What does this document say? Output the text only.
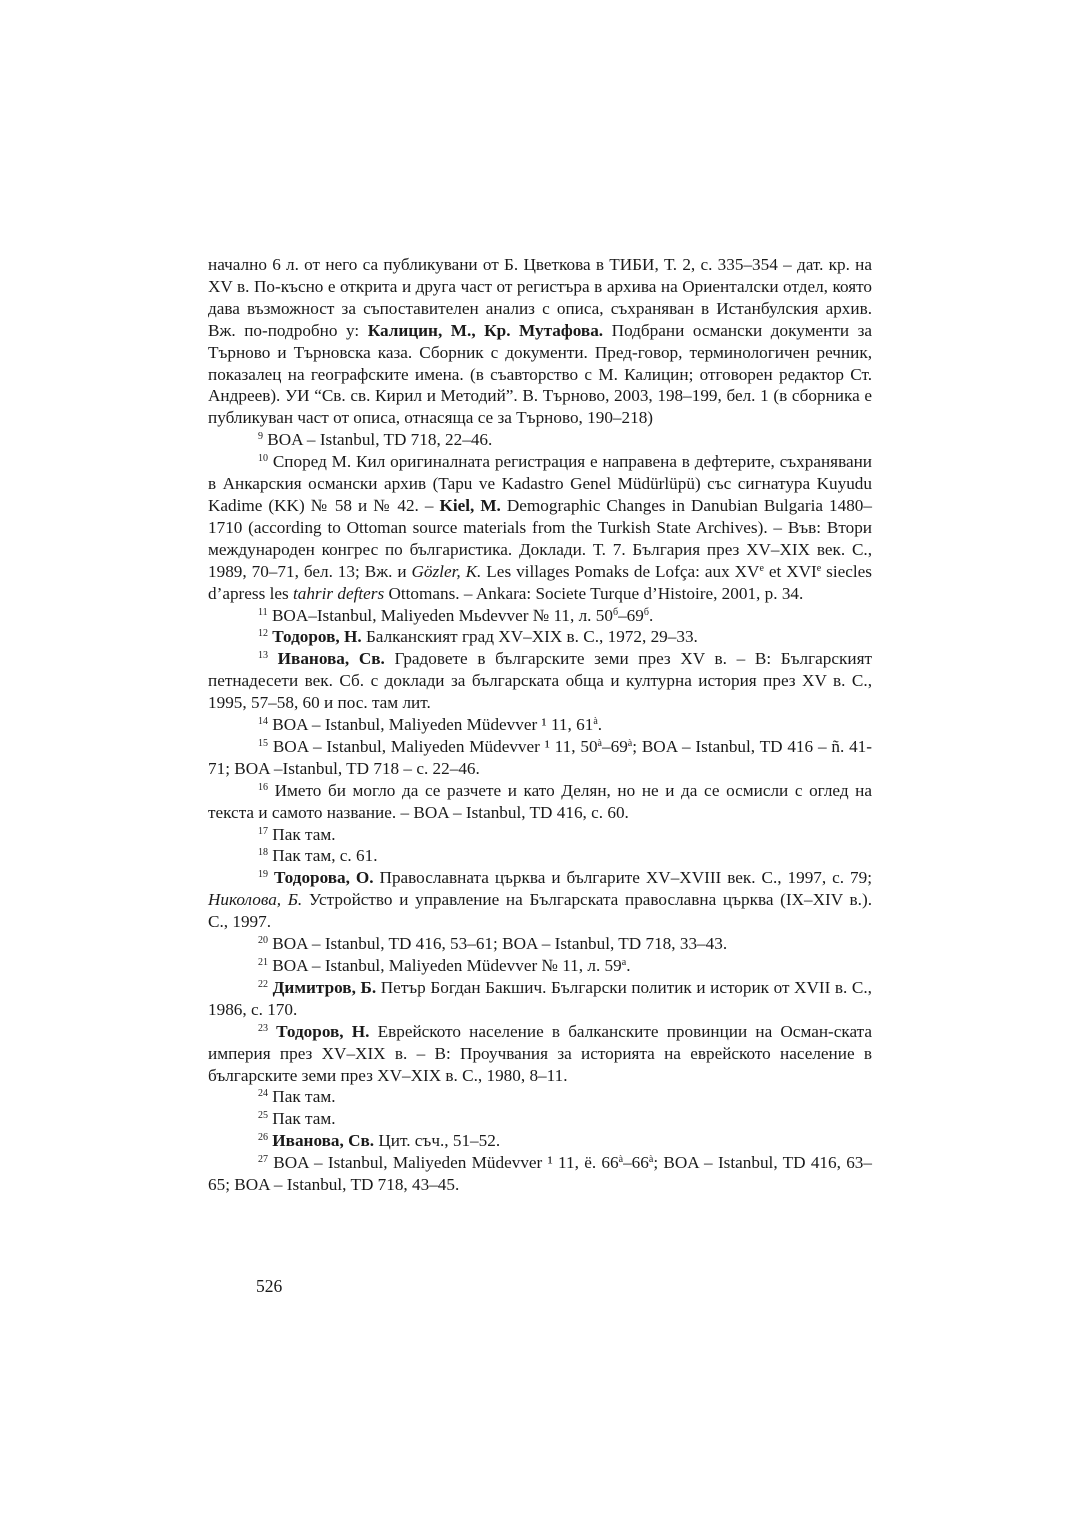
начално 6 л. от него са публикувани от Б. Цветкова в ТИБИ, Т. 2, с. 335–354 – дат. кр. на XV в. По-късно е открита и друга част от регистъра в архива на Ориенталски отдел, която дава възможност за съпоставителен анализ с описа, съхраняван в Истанбулския архив. Вж. по-подробно у: Калицин, М., Кр. Мутафова. Подбрани османски документи за Търново и Търновска каза. Сборник с документи. Пред-говор, терминологичен речник, показалец на географските имена. (в съавторство с М. Калицин; отговорен редактор Ст. Андреев). УИ “Св. св. Кирил и Методий”. В. Търново, 2003, 198–199, бел. 1 (в сборника е публикуван част от описа, отнасяща се за Търново, 190–218)

$^9$ BOA – Istanbul, TD 718, 22–46.

$^{10}$ Според М. Кил оригиналната регистрация е направена в дефтерите, съхранявани в Анкарския османски архив (Tapu ve Kadastro Genel Müdürlüpü) със сигнатура Kuyudu Kadime (KK) № 58 и № 42. – Kiel, M. Demographic Changes in Danubian Bulgaria 1480–1710 (according to Ottoman source materials from the Turkish State Archives). – Във: Втори международен конгрес по българистика. Доклади. Т. 7. България през XV–XIX век. С., 1989, 70–71, бел. 13; Вж. и Gözler, K. Les villages Pomaks de Lofça: aux XVe et XVIe siecles d’apress les tahrir defters Ottomans. – Ankara: Societe Turque d’Histoire, 2001, p. 34.

$^{11}$ BOA–Istanbul, Maliyeden Мьdevver № 11, л. $50^б-69^б$.

$^{12}$ Тодоров, Н. Балканският град XV–XIX в. С., 1972, 29–33.

$^{13}$ Иванова, Св. Градовете в българските земи през XV в. – В: Българският петнадесети век. Сб. с доклади за българската обща и културна история през XV в. С., 1995, 57–58, 60 и пос. там лит.

$^{14}$ BOA – Istanbul, Maliyeden Müdevver ¹ 11, $61^à$.

$^{15}$ BOA – Istanbul, Maliyeden Müdevver ¹ 11, $50^à-69^à$; BOA – Istanbul, TD 416 – ñ. 41-71; BOA –Istanbul, TD 718 – с. 22–46.

$^{16}$ Името би могло да се разчете и като Делян, но не и да се осмисли с оглед на текста и самото название. – BOA – Istanbul, TD 416, с. 60.

$^{17}$ Пак там.

$^{18}$ Пак там, с. 61.

$^{19}$ Тодорова, О. Православната църква и българите XV–XVIII век. С., 1997, с. 79; Николова, Б. Устройство и управление на Българската православна църква (IX–XIV в.). С., 1997.

$^{20}$ BOA – Istanbul, TD 416, 53–61; BOA – Istanbul, TD 718, 33–43.

$^{21}$ BOA – Istanbul, Maliyeden Müdevver № 11, л. $59^а$.

$^{22}$ Димитров, Б. Петър Богдан Бакшич. Български политик и историк от XVII в. С., 1986, с. 170.

$^{23}$ Тодоров, Н. Еврейското население в балканските провинции на Осман-ската империя през XV–XIX в. – В: Проучвания за историята на еврейското население в българските земи през XV–XIX в. С., 1980, 8–11.

$^{24}$ Пак там.

$^{25}$ Пак там.

$^{26}$ Иванова, Св. Цит. съч., 51–52.

$^{27}$ BOA – Istanbul, Maliyeden Müdevver ¹ 11, ё. $66^à-66^à$; BOA – Istanbul, TD 416, 63–65; BOA – Istanbul, TD 718, 43–45.

526
